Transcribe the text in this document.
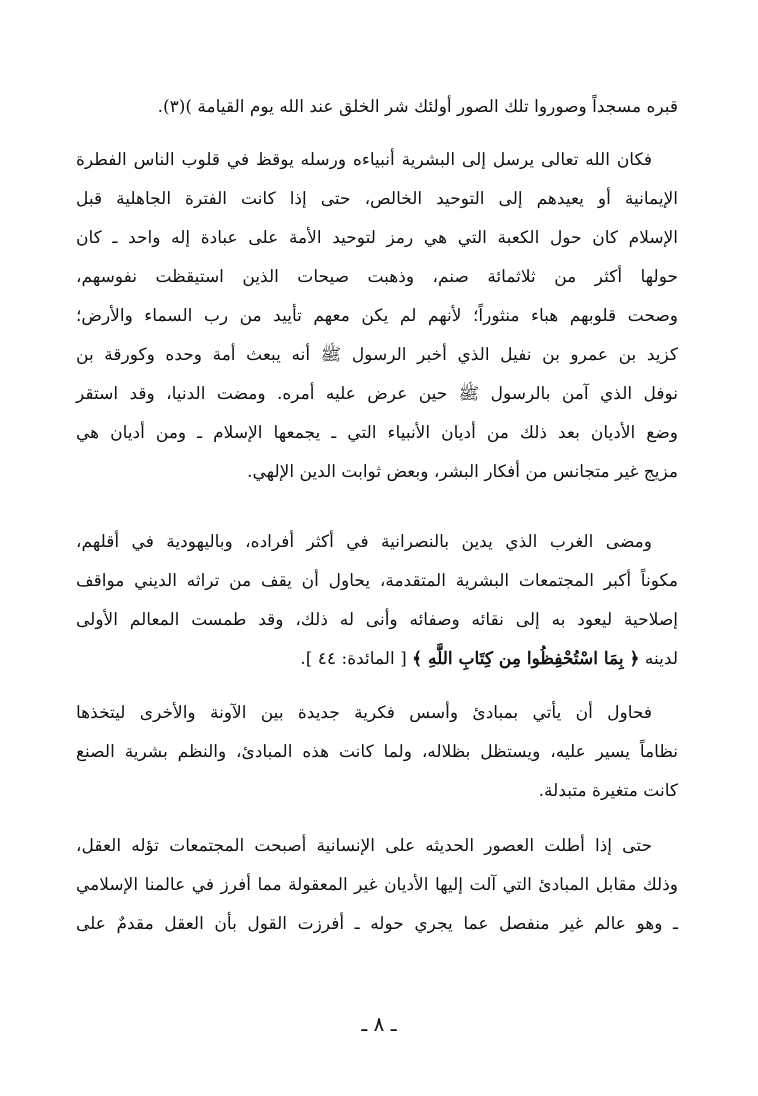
قبره مسجداً وصوروا تلك الصور أولئك شر الخلق عند الله يوم القيامة )(٣).
فكان الله تعالى يرسل إلى البشرية أنبياءه ورسله يوقظ في قلوب الناس الفطرة
الإيمانية أو يعيدهم إلى التوحيد الخالص، حتى إذا كانت الفترة الجاهلية قبل
الإسلام كان حول الكعبة التي هي رمز لتوحيد الأمة على عبادة إله واحد ـ كان
حولها أكثر من ثلاثمائة صنم، وذهبت صيحات الذين استيقظت نفوسهم،
وصحت قلوبهم هباء منثوراً؛ لأنهم لم يكن معهم تأييد من رب السماء والأرض؛
كزيد بن عمرو بن نفيل الذي أخبر الرسول ﷺ أنه يبعث أمة وحده وكورقة بن
نوفل الذي آمن بالرسول ﷺ حين عرض عليه أمره. ومضت الدنيا، وقد استقر
وضع الأديان بعد ذلك من أديان الأنبياء التي ـ يجمعها الإسلام ـ ومن أديان هي
مزيج غير متجانس من أفكار البشر، وبعض ثوابت الدين الإلهي.
ومضى الغرب الذي يدين بالنصرانية في أكثر أفراده، وباليهودية في أقلهم،
مكوناً أكبر المجتمعات البشرية المتقدمة، يحاول أن يقف من تراثه الديني مواقف
إصلاحية ليعود به إلى نقائه وصفائه وأنى له ذلك، وقد طمست المعالم الأولى
لدينه ﴿ بِمَا اسْتُحْفِظُوا مِن كِتَابِ اللَّهِ ﴾ [ المائدة: ٤٤ ].
فحاول أن يأتي بمبادئ وأسس فكرية جديدة بين الآونة والأخرى ليتخذها
نظاماً يسير عليه، ويستظل بظلاله، ولما كانت هذه المبادئ، والنظم بشرية الصنع
كانت متغيرة متبدلة.
حتى إذا أطلت العصور الحديثه على الإنسانية أصبحت المجتمعات تؤله العقل،
وذلك مقابل المبادئ التي آلت إليها الأديان غير المعقولة مما أفرز في عالمنا الإسلامي
ـ وهو عالم غير منفصل عما يجري حوله ـ أفرزت القول بأن العقل مقدمٌ على
ـ ٨ ـ
